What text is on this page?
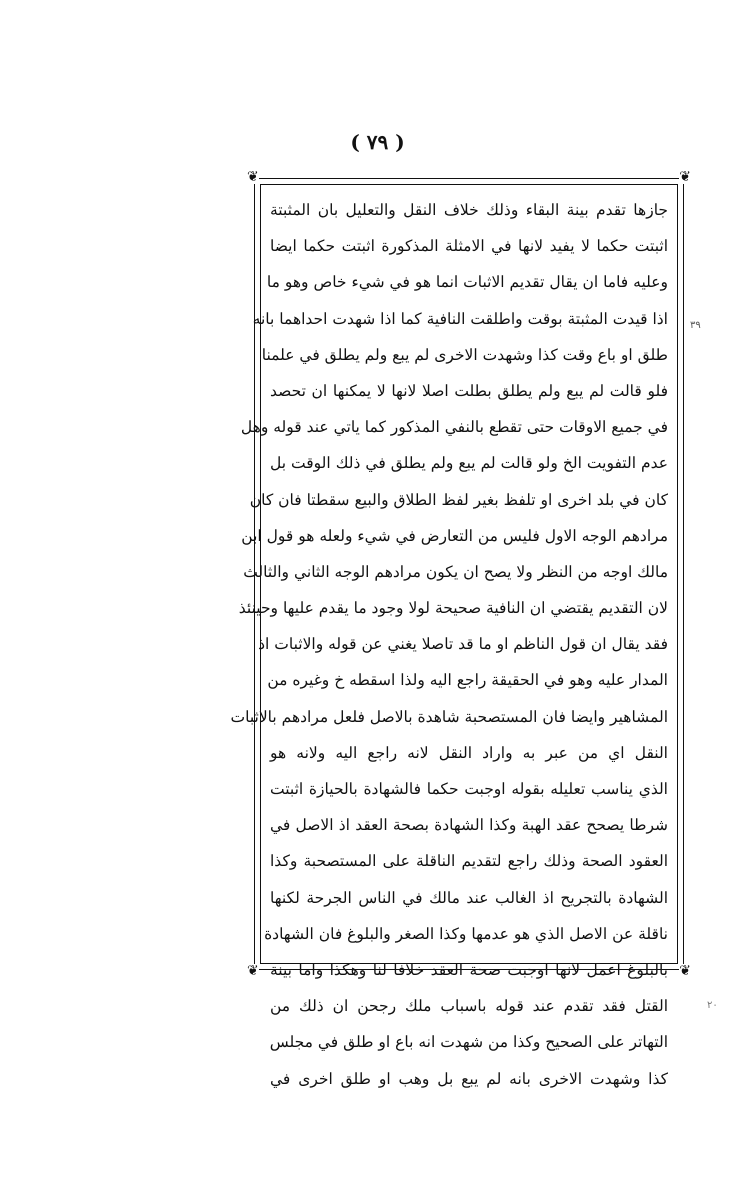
( ٧٩ )
٣٩
٢٠
❦	❦
❦	❦
جازها تقدم بينة البقاء وذلك خلاف النقل والتعليل بان المثبتة
اثبتت حكما لا يفيد لانها في الامثلة المذكورة اثبتت حكما ايضا
وعليه فاما ان يقال تقديم الاثبات انما هو في شيء خاص وهو ما
اذا قيدت المثبتة بوقت واطلقت النافية كما اذا شهدت احداهما بانه
طلق او باع وقت كذا وشهدت الاخرى لم يبع ولم يطلق في علمنا
فلو قالت لم يبع ولم يطلق بطلت اصلا لانها لا يمكنها ان تحصد
في جميع الاوقات حتى تقطع بالنفي المذكور كما ياتي عند قوله وهل
عدم التفويت الخ ولو قالت لم يبع ولم يطلق في ذلك الوقت بل
كان في بلد اخرى او تلفظ بغير لفظ الطلاق والبيع سقطتا فان كان
مرادهم الوجه الاول فليس من التعارض في شيء ولعله هو قول ابن
مالك اوجه من النظر ولا يصح ان يكون مرادهم الوجه الثاني والثالث
لان التقديم يقتضي ان النافية صحيحة لولا وجود ما يقدم عليها وحينئذ
فقد يقال ان قول الناظم او ما قد تاصلا يغني عن قوله والاثبات اذ
المدار عليه وهو في الحقيقة راجع اليه ولذا اسقطه خ وغيره من
المشاهير وايضا فان المستصحبة شاهدة بالاصل فلعل مرادهم بالاثبات
النقل اي من عبر به واراد النقل لانه راجع اليه ولانه هو
الذي يناسب تعليله بقوله اوجبت حكما فالشهادة بالحيازة اثبتت
شرطا يصحح عقد الهبة وكذا الشهادة بصحة العقد اذ الاصل في
العقود الصحة وذلك راجع لتقديم الناقلة على المستصحبة وكذا
الشهادة بالتجريح اذ الغالب عند مالك في الناس الجرحة لكنها
ناقلة عن الاصل الذي هو عدمها وكذا الصغر والبلوغ فان الشهادة
بالبلوغ اعمل لانها اوجبت صحة العقد خلافا لنا وهكذا واما بينة
القتل فقد تقدم عند قوله باسباب ملك رجحن ان ذلك من
التهاتر على الصحيح وكذا من شهدت انه باع او طلق في مجلس
كذا وشهدت الاخرى بانه لم يبع بل وهب او طلق اخرى في
